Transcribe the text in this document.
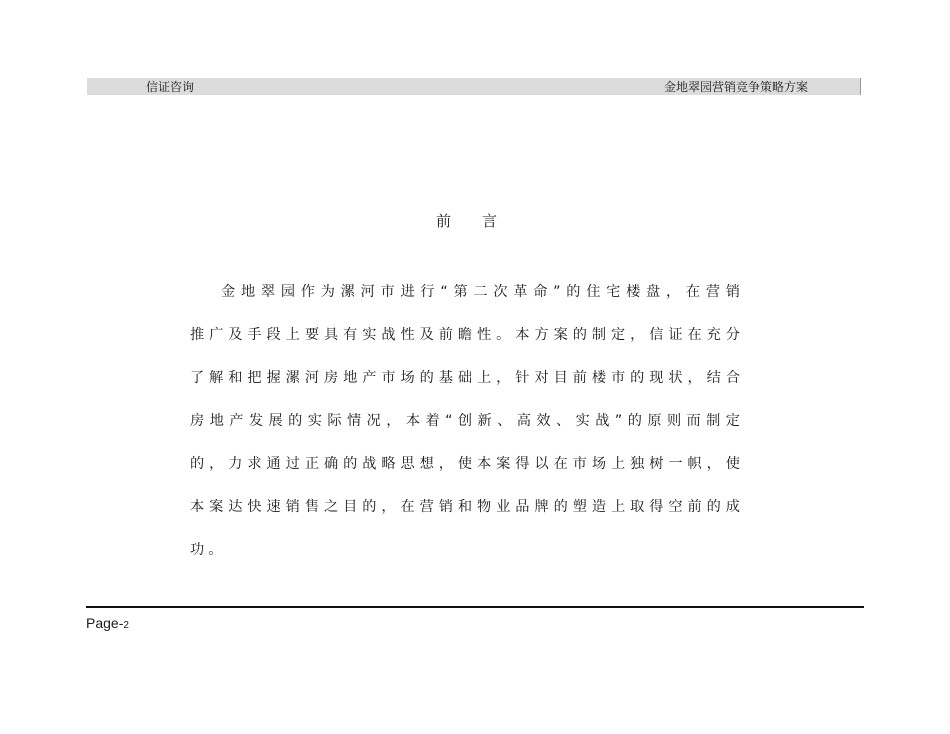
信证咨询	金地翠园营销竞争策略方案
前言
金地翠园作为漯河市进行“第二次革命”的住宅楼盘，在营销
推广及手段上要具有实战性及前瞻性。本方案的制定，信证在充分
了解和把握漯河房地产市场的基础上，针对目前楼市的现状，结合
房地产发展的实际情况，本着“创新、高效、实战”的原则而制定
的，力求通过正确的战略思想，使本案得以在市场上独树一帜，使
本案达快速销售之目的，在营销和物业品牌的塑造上取得空前的成
功。
Page-2
